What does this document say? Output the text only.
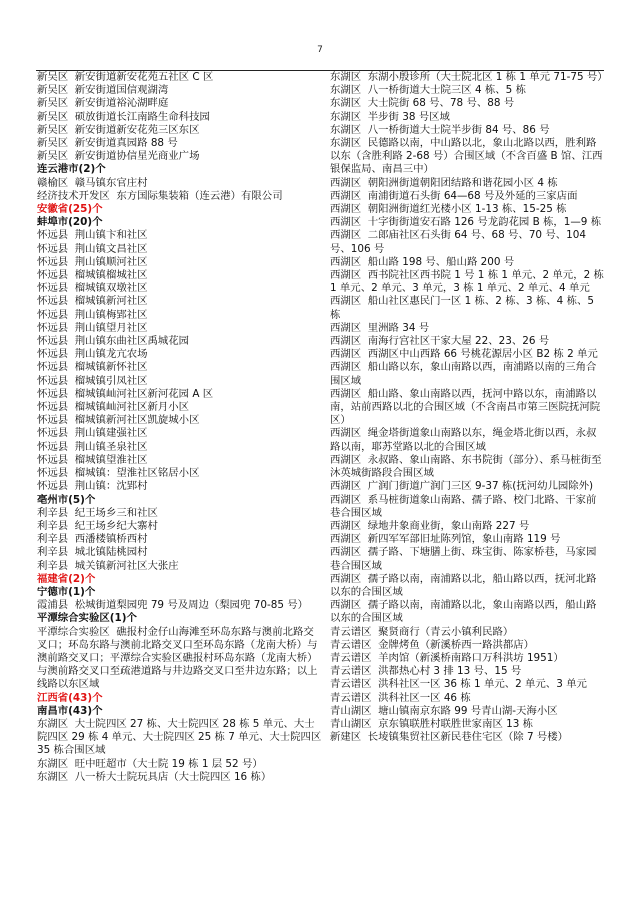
7
新吴区  新安街道新安花苑五社区 C 区
新吴区  新安街道国信观湖湾
新吴区  新安街道裕沁湖畔庭
新吴区  硕放街道长江南路生命科技园
新吴区  新安街道新安花苑三区东区
新吴区  新安街道真园路 88 号
新吴区  新安街道协信星光商业广场
连云港市(2)个
赣榆区  赣马镇东官庄村
经济技术开发区  东方国际集装箱（连云港）有限公司
安徽省(25)个
蚌埠市(20)个
怀远县  荆山镇卞和社区
怀远县  荆山镇文昌社区
怀远县  荆山镇顺河社区
怀远县  榴城镇榴城社区
怀远县  榴城镇双墩社区
怀远县  榴城镇新河社区
怀远县  荆山镇梅郢社区
怀远县  荆山镇望月社区
怀远县  荆山镇东曲社区禹城花园
怀远县  荆山镇龙亢农场
怀远县  榴城镇新怀社区
怀远县  榴城镇引凤社区
怀远县  榴城镇屾河社区新河花园 A 区
怀远县  榴城镇屾河社区新月小区
怀远县  榴城镇新河社区凯旋城小区
怀远县  荆山镇建强社区
怀远县  荆山镇圣泉社区
怀远县  榴城镇望淮社区
怀远县  榴城镇：望淮社区铭居小区
怀远县  荆山镇：沈郢村
亳州市(5)个
利辛县  纪王场乡三和社区
利辛县  纪王场乡纪大寨村
利辛县  西潘楼镇桥西村
利辛县  城北镇陆桃园村
利辛县  城关镇新河社区大张庄
福建省(2)个
宁德市(1)个
霞浦县  松城街道梨园兜 79 号及周边（梨园兜 70-85 号）
平潭综合实验区(1)个
平潭综合实验区  礁报村金仔山海滩至环岛东路与澳前北路交叉口；环岛东路与澳前北路交叉口至环岛东路（龙南大桥）与澳前路交叉口；平潭综合实验区礁报村环岛东路（龙南大桥）与澳前路交叉口至疏港道路与井边路交叉口至井边东路；以上线路以东区域
江西省(43)个
南昌市(43)个
东湖区  大士院四区 27 栋、大士院四区 28 栋 5 单元、大士院四区 29 栋 4 单元、大士院四区 25 栋 7 单元、大士院四区 35 栋合围区域
东湖区  旺中旺超市（大士院 19 栋 1 层 52 号）
东湖区  八一桥大士院玩具店（大士院四区 16 栋）
东湖区  东湖小殷诊所（大士院北区 1 栋 1 单元 71-75 号）
东湖区  八一桥街道大士院三区 4 栋、5 栋
东湖区  大士院街 68 号、78 号、88 号
东湖区  半步街 38 号区域
东湖区  八一桥街道大士院半步街 84 号、86 号
东湖区  民德路以南，中山路以北，象山北路以西，胜利路以东（含胜利路 2-68 号）合围区域（不含百盛 B 馆、江西银保监局、南昌三中）
西湖区  朝阳洲街道朝阳团结路和谐花园小区 4 栋
西湖区  南浦街道石头街 64—68 号及外延的三家店面
西湖区  朝阳洲街道红光楼小区 1-13 栋、15-25 栋
西湖区  十字街街道安石路 126 号龙韵花园 B 栋，1—9 栋
西湖区  二郎庙社区石头街 64 号、68 号、70 号、104 号、106 号
西湖区  船山路 198 号、船山路 200 号
西湖区  西书院社区西书院 1 号 1 栋 1 单元、2 单元，2 栋 1 单元、2 单元、3 单元，3 栋 1 单元、2 单元、4 单元
西湖区  船山社区惠民门一区 1 栋、2 栋、3 栋、4 栋、5 栋
西湖区  里洲路 34 号
西湖区  南海行宫社区干家大屋 22、23、26 号
西湖区  西湖区中山西路 66 号桃花源居小区 B2 栋 2 单元
西湖区  船山路以东，象山南路以西，南浦路以南的三角合围区域
西湖区  船山路、象山南路以西，抚河中路以东，南浦路以南，站前西路以北的合围区域（不含南昌市第三医院抚河院区）
西湖区  绳金塔街道象山南路以东，绳金塔北街以西，永叔路以南，耶苏堂路以北的合围区域
西湖区  永叔路、象山南路、东书院街（部分）、系马桩街至沐英城街路段合围区域
西湖区  广润门街道广润门三区 9-37 栋(抚河幼儿园除外)
西湖区  系马桩街道象山南路、孺子路、校门北路、干家前巷合围区域
西湖区  绿地井象商业街，象山南路 227 号
西湖区  新四军军部旧址陈列馆，象山南路 119 号
西湖区  孺子路、下塘膳上街、珠宝街、陈家桥巷，马家园巷合围区域
西湖区  孺子路以南，南浦路以北，船山路以西，抚河北路以东的合围区域
西湖区  孺子路以南，南浦路以北，象山南路以西，船山路以东的合围区域
青云谱区  聚贤商行（青云小镇利民路）
青云谱区  金牌烤鱼（新溪桥西一路洪都店）
青云谱区  羊肉馆（新溪桥南路口万科洪坊 1951）
青云谱区  洪都热心村 3 排 13 号、15 号
青云谱区  洪科社区一区 36 栋 1 单元、2 单元、3 单元
青云谱区  洪科社区一区 46 栋
青山湖区  塘山镇南京东路 99 号青山湖-天海小区
青山湖区  京东镇联胜村联胜世家南区 13 栋
新建区  长堎镇集贸社区新民巷住宅区（除 7 号楼）
